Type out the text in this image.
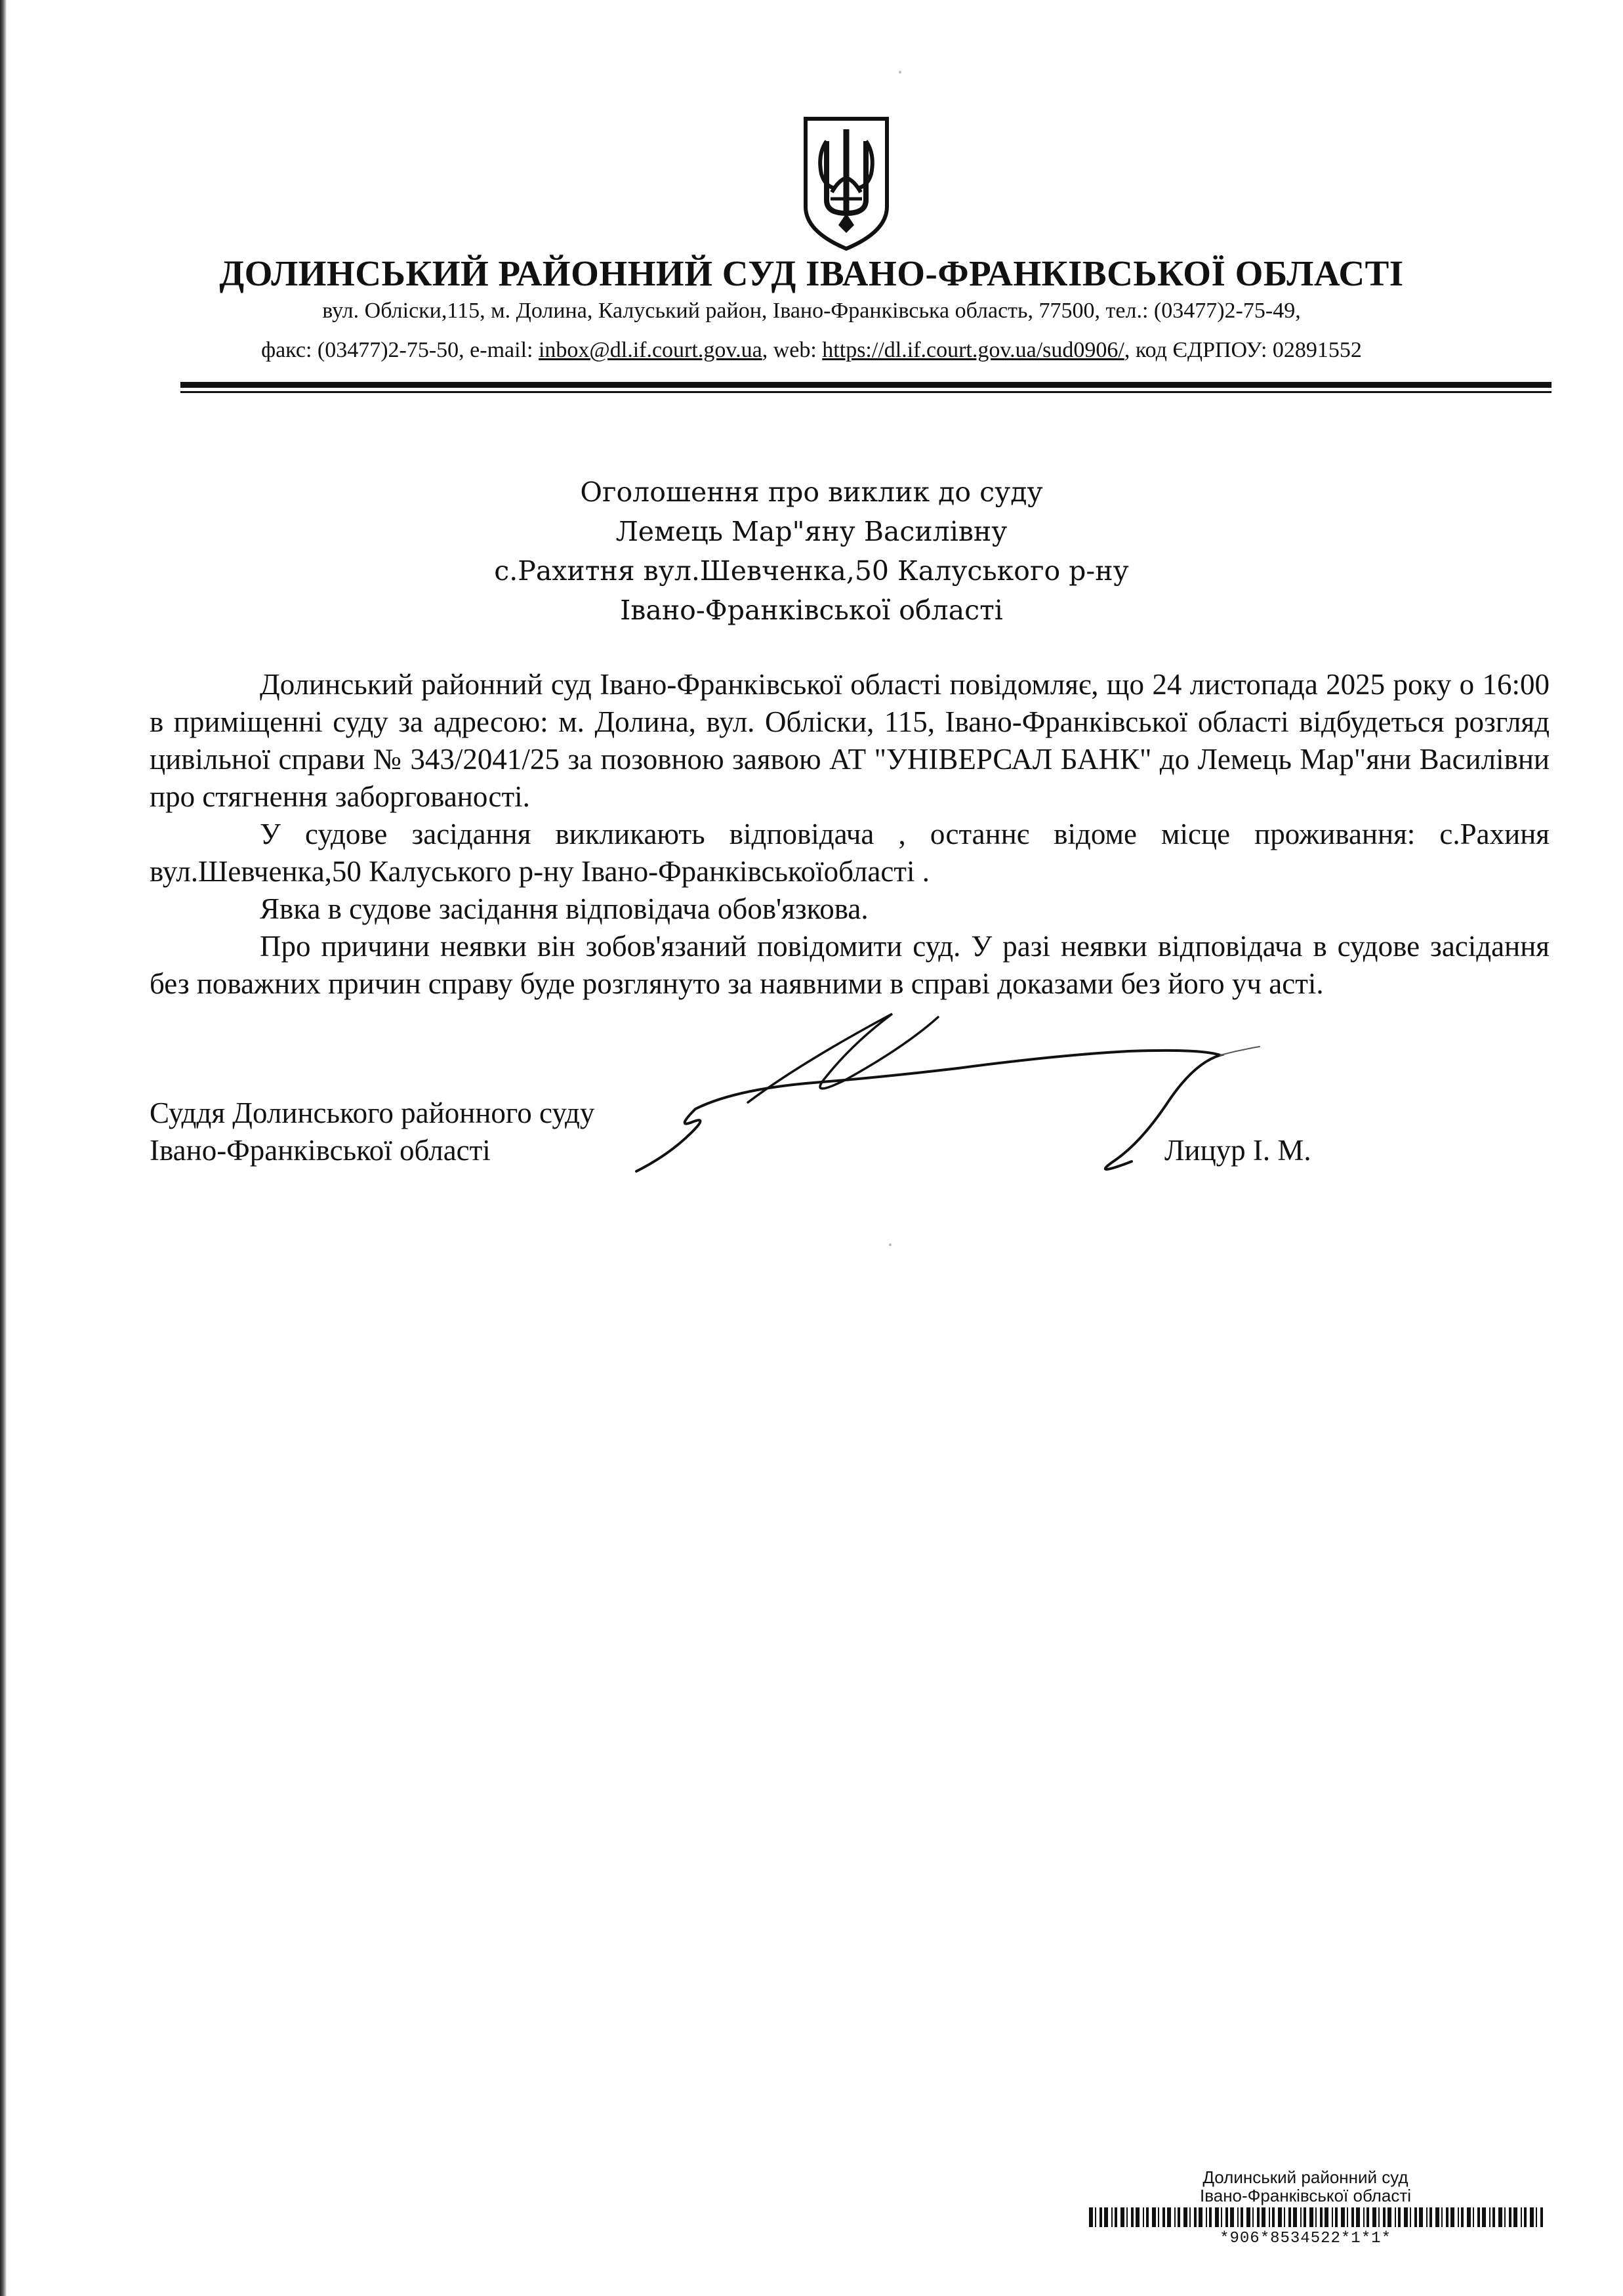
ДОЛИНСЬКИЙ РАЙОННИЙ СУД ІВАНО-ФРАНКІВСЬКОЇ ОБЛАСТІ
вул. Обліски,115, м. Долина, Калуський район, Івано-Франківська область, 77500, тел.: (03477)2-75-49,
факс: (03477)2-75-50, e-mail: inbox@dl.if.court.gov.ua, web: https://dl.if.court.gov.ua/sud0906/, код ЄДРПОУ: 02891552
Оголошення про виклик до суду
Лемець Мар"яну Василівну
с.Рахитня вул.Шевченка,50 Калуського р-ну
Івано-Франківської області

Долинський районний суд Івано-Франківської області повідомляє, що 24 листопада 2025 року о 16:00 в приміщенні суду за адресою: м. Долина, вул. Обліски, 115, Івано-Франківської області відбудеться розгляд цивільної справи № 343/2041/25 за позовною заявою АТ "УНІВЕРСАЛ БАНК" до Лемець Мар"яни Василівни про стягнення заборгованості.

У судове засідання викликають відповідача , останнє відоме місце проживання: с.Рахиня вул.Шевченка,50 Калуського р-ну Івано-Франківськоїобласті .

Явка в судове засідання відповідача обов'язкова.

Про причини неявки він зобов'язаний повідомити суд. У разі неявки відповідача в судове засідання без поважних причин справу буде розглянуто за наявними в справі доказами без його уч асті.

Суддя Долинського районного суду
Івано-Франківської області	Лицур І. М.
Долинський районний суд
Івано-Франківської області
*906*8534522*1*1*
